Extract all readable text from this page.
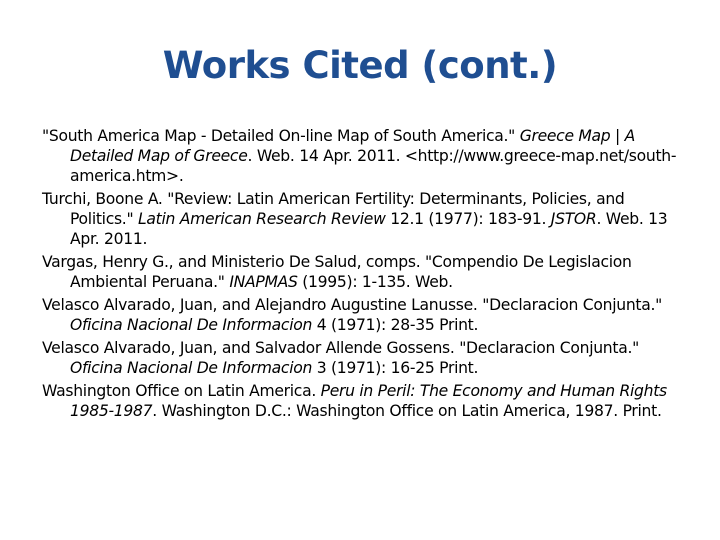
Works Cited (cont.)

"South America Map - Detailed On-line Map of South America." Greece Map | A Detailed Map of Greece. Web. 14 Apr. 2011. <http://www.greece-map.net/south-america.htm>.

Turchi, Boone A. "Review: Latin American Fertility: Determinants, Policies, and Politics." Latin American Research Review 12.1 (1977): 183-91. JSTOR. Web. 13 Apr. 2011.

Vargas, Henry G., and Ministerio De Salud, comps. "Compendio De Legislacion Ambiental Peruana." INAPMAS (1995): 1-135. Web.

Velasco Alvarado, Juan, and Alejandro Augustine Lanusse. "Declaracion Conjunta." Oficina Nacional De Informacion 4 (1971): 28-35 Print.

Velasco Alvarado, Juan, and Salvador Allende Gossens. "Declaracion Conjunta." Oficina Nacional De Informacion 3 (1971): 16-25 Print.

Washington Office on Latin America. Peru in Peril: The Economy and Human Rights 1985-1987. Washington D.C.: Washington Office on Latin America, 1987. Print.
